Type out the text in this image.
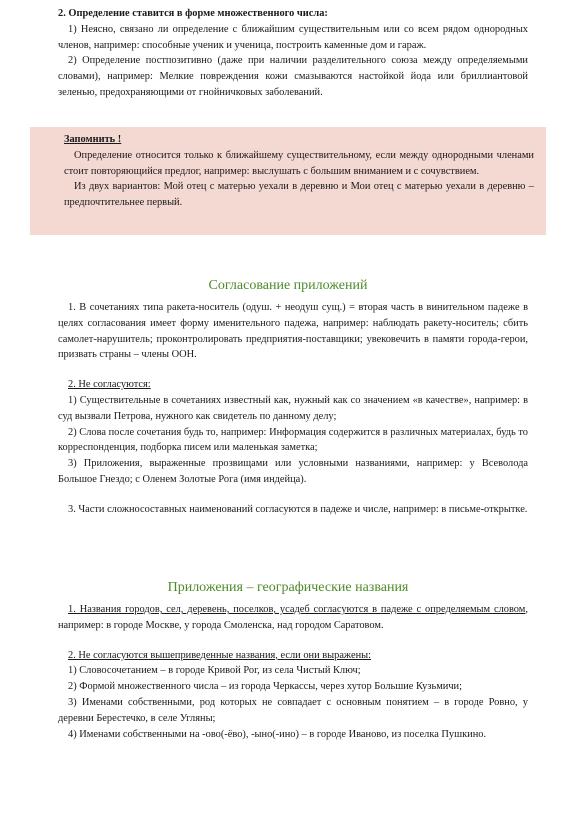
2. Определение ставится в форме множественного числа:

1) Неясно, связано ли определение с ближайшим существительным или со всем рядом однородных членов, например: способные ученик и ученица, построить каменные дом и гараж.

2) Определение постпозитивно (даже при наличии разделительного союза между определяемыми словами), например: Мелкие повреждения кожи смазываются настойкой йода или бриллиантовой зеленью, предохраняющими от гнойничковых заболеваний.

Запомнить !

Определение относится только к ближайшему существительному, если между однородными членами стоит повторяющийся предлог, например: выслушать с большим вниманием и с сочувствием.

Из двух вариантов: Мой отец с матерью уехали в деревню и Мои отец с матерью уехали в деревню – предпочтительнее первый.

Согласование приложений

1. В сочетаниях типа ракета-носитель (одуш. + неодуш сущ.) = вторая часть в винительном падеже в целях согласования имеет форму именительного падежа, например: наблюдать ракету-носитель; сбить самолет-нарушитель; проконтролировать предприятия-поставщики; увековечить в памяти города-герои, призвать страны – члены ООН.

2. Не согласуются:

1) Существительные в сочетаниях известный как, нужный как со значением «в качестве», например: в суд вызвали Петрова, нужного как свидетель по данному делу;

2) Слова после сочетания будь то, например: Информация содержится в различных материалах, будь то корреспонденция, подборка писем или маленькая заметка;

3) Приложения, выраженные прозвищами или условными названиями, например: у Всеволода Большое Гнездо; с Оленем Золотые Рога (имя индейца).

3. Части сложносоставных наименований согласуются в падеже и числе, например: в письме-открытке.

Приложения – географические названия

1. Названия городов, сел, деревень, поселков, усадеб согласуются в падеже с определяемым словом, например: в городе Москве, у города Смоленска, над городом Саратовом.

2. Не согласуются вышеприведенные названия, если они выражены:

1) Словосочетанием – в городе Кривой Рог, из села Чистый Ключ;

2) Формой множественного числа – из города Черкассы, через хутор Большие Кузьмичи;

3) Именами собственными, род которых не совпадает с основным понятием – в городе Ровно, у деревни Берестечко, в селе Угляны;

4) Именами собственными на -ово(-ёво), -ыно(-ино) – в городе Иваново, из поселка Пушкино.
